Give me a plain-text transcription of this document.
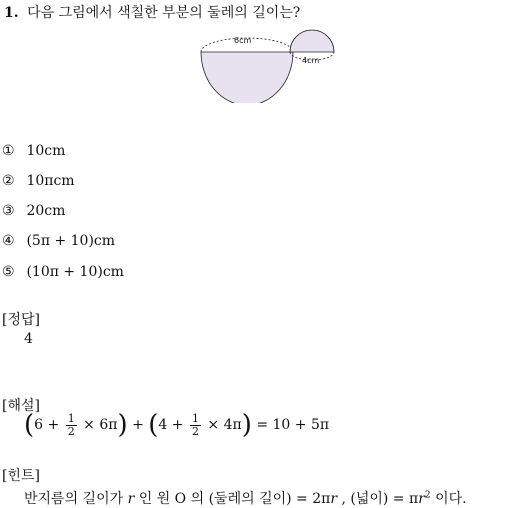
1. 다음 그림에서 색칠한 부분의 둘레의 길이는?
6cm
4cm
① 10cm
② 10πcm
③ 20cm
④ (5π + 10)cm
⑤ (10π + 10)cm
[정답]
4
[해설]
$(6 + \frac{1}{2} \times 6\pi) + (4 + \frac{1}{2} \times 4\pi) = 10 + 5\pi$
[힌트]
반지름의 길이가 r 인 원 O 의 (둘레의 길이) = 2πr , (넓이) = $\pi r^2$ 이다.
